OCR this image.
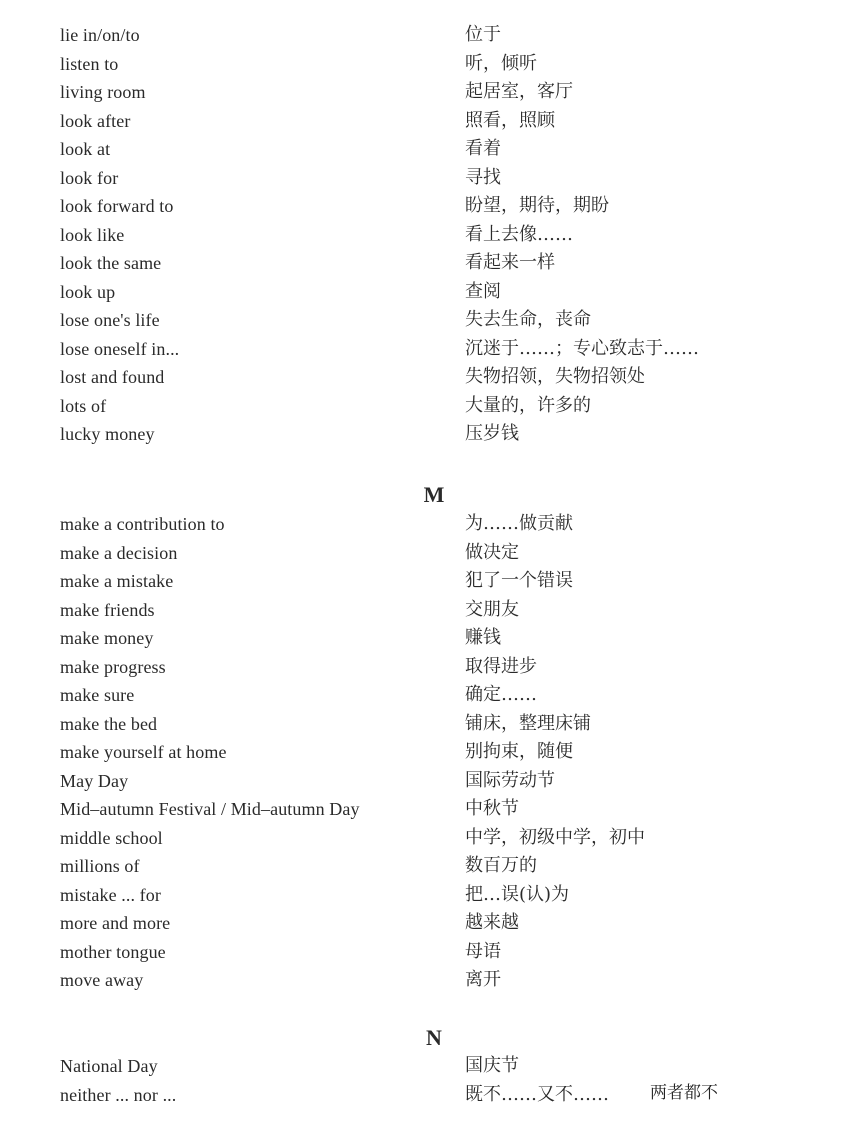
lie in/on/to	位于
listen to	听，倾听
living room	起居室，客厅
look after	照看，照顾
look at	看着
look for	寻找
look forward to	盼望，期待，期盼
look like	看上去像……
look the same	看起来一样
look up	查阅
lose one's life	失去生命，丧命
lose oneself in...	沉迷于……；专心致志于……
lost and found	失物招领，失物招领处
lots of	大量的，许多的
lucky money	压岁钱
M
make a contribution to	为……做贡献
make a decision	做决定
make a mistake	犯了一个错误
make friends	交朋友
make money	赚钱
make progress	取得进步
make sure	确定……
make the bed	铺床，整理床铺
make yourself at home	别拘束，随便
May Day	国际劳动节
Mid–autumn Festival / Mid–autumn Day	中秋节
middle school	中学，初级中学，初中
millions of	数百万的
mistake ... for	把…误(认)为
more and more	越来越
mother tongue	母语
move away	离开
N
National Day	国庆节
neither ... nor ...	既不……又不……	两者都不
